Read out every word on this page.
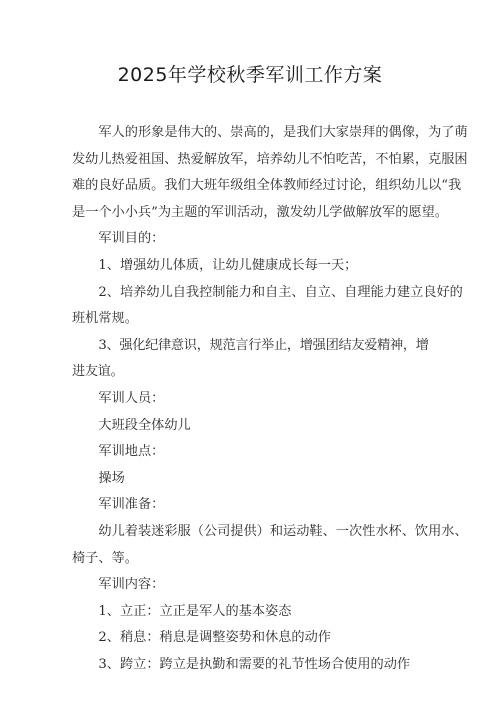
2025年学校秋季军训工作方案

军人的形象是伟大的、崇高的，是我们大家崇拜的偶像，为了萌
发幼儿热爱祖国、热爱解放军，培养幼儿不怕吃苦，不怕累，克服困
难的良好品质。我们大班年级组全体教师经过讨论，组织幼儿以“我
是一个小小兵”为主题的军训活动，激发幼儿学做解放军的愿望。

军训目的：

1、增强幼儿体质，让幼儿健康成长每一天；

2、培养幼儿自我控制能力和自主、自立、自理能力建立良好的
班机常规。

3、强化纪律意识，规范言行举止，增强团结友爱精神，增进友谊。

军训人员：

大班段全体幼儿

军训地点：

操场

军训准备：

幼儿着装迷彩服（公司提供）和运动鞋、一次性水杯、饮用水、
椅子、等。

军训内容：

1、立正：立正是军人的基本姿态

2、稍息：稍息是调整姿势和休息的动作

3、跨立：跨立是执勤和需要的礼节性场合使用的动作
